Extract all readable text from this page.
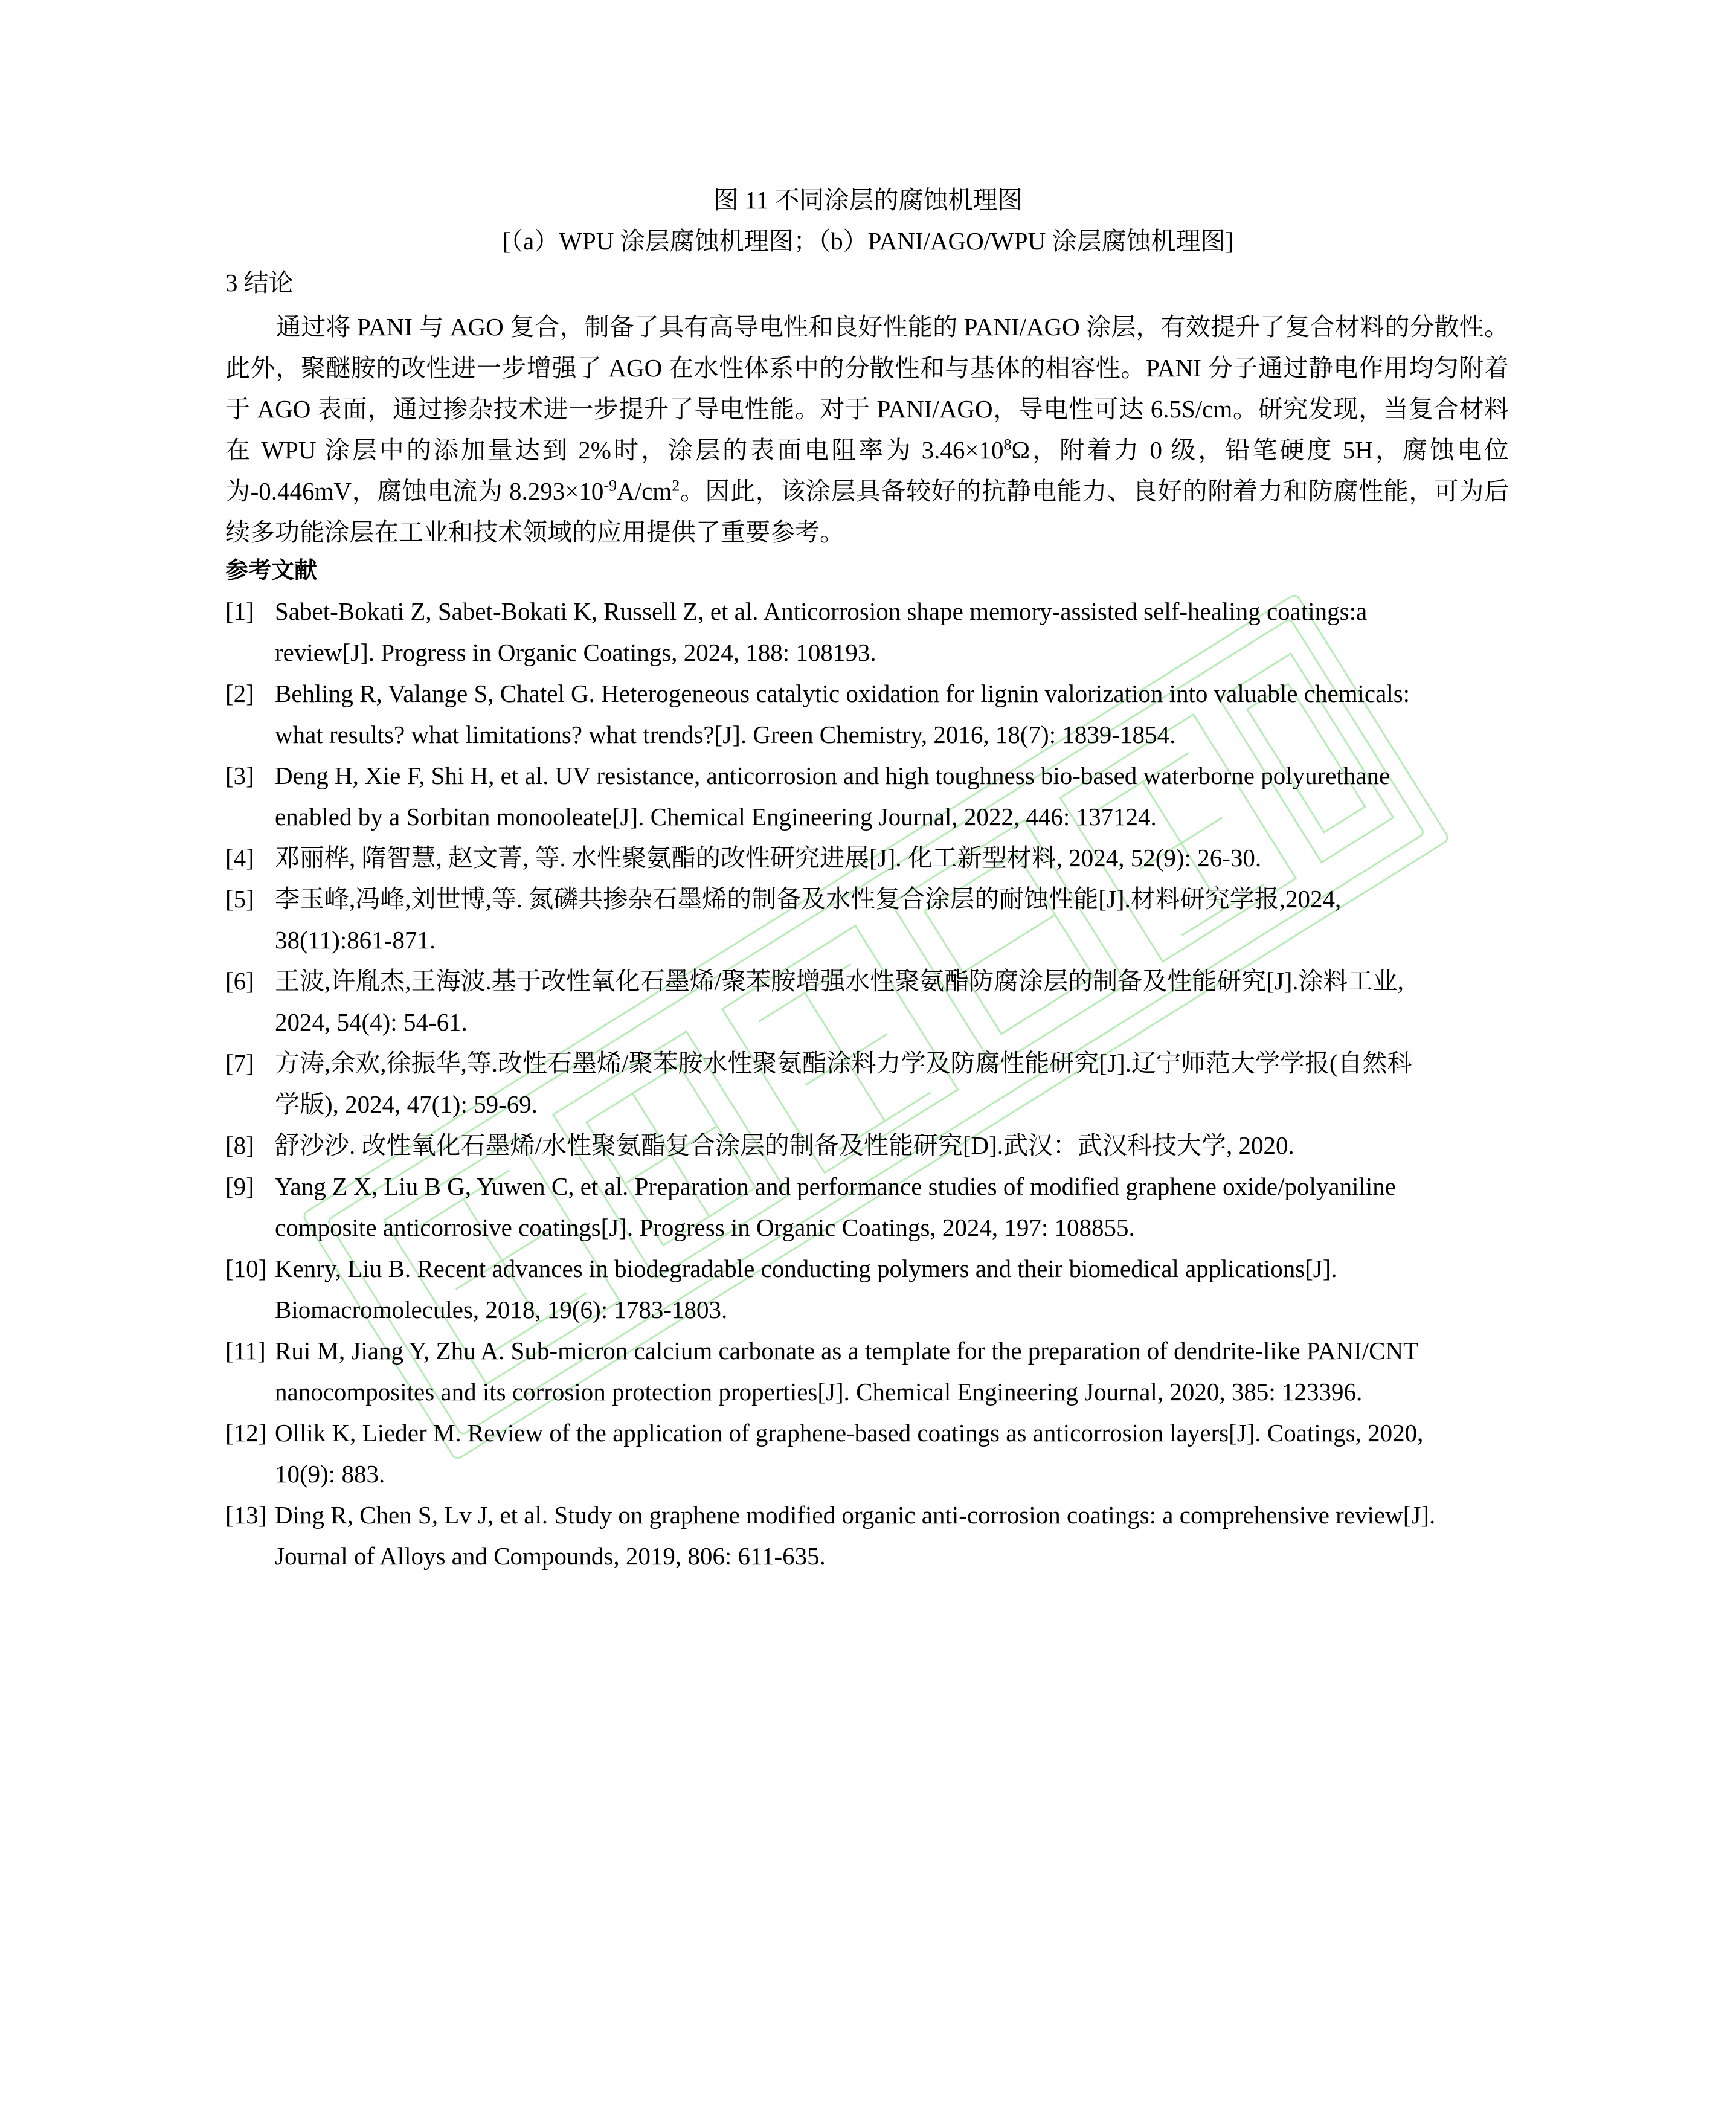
图 11 不同涂层的腐蚀机理图
[（a）WPU 涂层腐蚀机理图；（b）PANI/AGO/WPU 涂层腐蚀机理图]
3 结论

通过将 PANI 与 AGO 复合，制备了具有高导电性和良好性能的 PANI/AGO 涂层，有效提升了复合材料的分散性。此外，聚醚胺的改性进一步增强了 AGO 在水性体系中的分散性和与基体的相容性。PANI 分子通过静电作用均匀附着于 AGO 表面，通过掺杂技术进一步提升了导电性能。对于 PANI/AGO，导电性可达 6.5S/cm。研究发现，当复合材料在 WPU 涂层中的添加量达到 2%时，涂层的表面电阻率为 $3.46\times 10^8\Omega$，附着力 0 级，铅笔硬度 5H，腐蚀电位为-0.446mV，腐蚀电流为 $8.293\times 10^{-9}A/cm^2$。因此，该涂层具备较好的抗静电能力、良好的附着力和防腐性能，可为后续多功能涂层在工业和技术领域的应用提供了重要参考。

参考文献
[1] Sabet-Bokati Z, Sabet-Bokati K, Russell Z, et al. Anticorrosion shape memory-assisted self-healing coatings:a
review[J]. Progress in Organic Coatings, 2024, 188: 108193.
[2] Behling R, Valange S, Chatel G. Heterogeneous catalytic oxidation for lignin valorization into valuable chemicals:
what results? what limitations? what trends?[J]. Green Chemistry, 2016, 18(7): 1839-1854.
[3] Deng H, Xie F, Shi H, et al. UV resistance, anticorrosion and high toughness bio-based waterborne polyurethane
enabled by a Sorbitan monooleate[J]. Chemical Engineering Journal, 2022, 446: 137124.
[4] 邓丽桦, 隋智慧, 赵文菁, 等. 水性聚氨酯的改性研究进展[J]. 化工新型材料, 2024, 52(9): 26-30.
[5] 李玉峰,冯峰,刘世博,等. 氮磷共掺杂石墨烯的制备及水性复合涂层的耐蚀性能[J].材料研究学报,2024,
38(11):861-871.
[6] 王波,许胤杰,王海波.基于改性氧化石墨烯/聚苯胺增强水性聚氨酯防腐涂层的制备及性能研究[J].涂料工业,
2024, 54(4): 54-61.
[7] 方涛,余欢,徐振华,等.改性石墨烯/聚苯胺水性聚氨酯涂料力学及防腐性能研究[J].辽宁师范大学学报(自然科
学版), 2024, 47(1): 59-69.
[8] 舒沙沙. 改性氧化石墨烯/水性聚氨酯复合涂层的制备及性能研究[D].武汉：武汉科技大学, 2020.
[9] Yang Z X, Liu B G, Yuwen C, et al. Preparation and performance studies of modified graphene oxide/polyaniline
composite anticorrosive coatings[J]. Progress in Organic Coatings, 2024, 197: 108855.
[10] Kenry, Liu B. Recent advances in biodegradable conducting polymers and their biomedical applications[J].
Biomacromolecules, 2018, 19(6): 1783-1803.
[11] Rui M, Jiang Y, Zhu A. Sub-micron calcium carbonate as a template for the preparation of dendrite-like PANI/CNT
nanocomposites and its corrosion protection properties[J]. Chemical Engineering Journal, 2020, 385: 123396.
[12] Ollik K, Lieder M. Review of the application of graphene-based coatings as anticorrosion layers[J]. Coatings, 2020,
10(9): 883.
[13] Ding R, Chen S, Lv J, et al. Study on graphene modified organic anti-corrosion coatings: a comprehensive review[J].
Journal of Alloys and Compounds, 2019, 806: 611-635.
